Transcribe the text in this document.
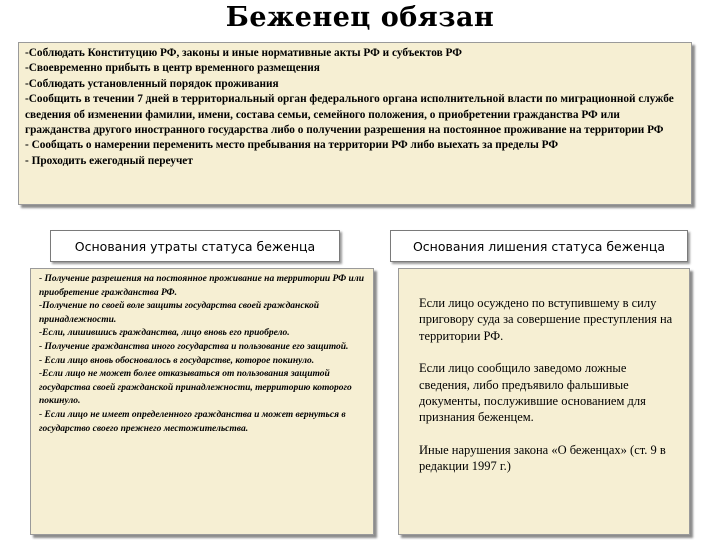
Беженец обязан

-Соблюдать Конституцию РФ, законы и иные нормативные акты РФ и субъектов РФ

-Своевременно прибыть в центр временного размещения

-Соблюдать установленный порядок проживания

-Сообщить в течении 7 дней в территориальный орган федерального органа исполнительной власти по миграционной службе сведения об изменении фамилии, имени, состава семьи, семейного положения, о приобретении гражданства РФ или гражданства другого иностранного государства либо о получении разрешения на постоянное проживание на территории РФ

- Сообщать о намерении переменить место пребывания на территории РФ либо выехать за пределы РФ

- Проходить ежегодный переучет

Основания утраты статуса беженца	Основания лишения статуса беженца

- Получение разрешения на постоянное проживание на территории РФ или приобретение гражданства РФ.

-Получение по своей воле защиты государства своей гражданской принадлежности.

-Если, лишившись гражданства, лицо вновь его приобрело.

- Получение гражданства иного государства и пользование его защитой.

- Если лицо вновь обосновалось в государстве, которое покинуло.

-Если лицо не может более отказываться от пользования защитой государства своей гражданской принадлежности, территорию которого покинуло.

- Если лицо не имеет определенного гражданства и может вернуться в государство своего прежнего местожительства.

Если лицо осуждено по вступившему в силу приговору суда за совершение преступления на территории РФ.

Если лицо сообщило заведомо ложные сведения, либо предъявило фальшивые документы, послужившие основанием для признания беженцем.

Иные нарушения закона «О беженцах» (ст. 9 в редакции 1997 г.)
